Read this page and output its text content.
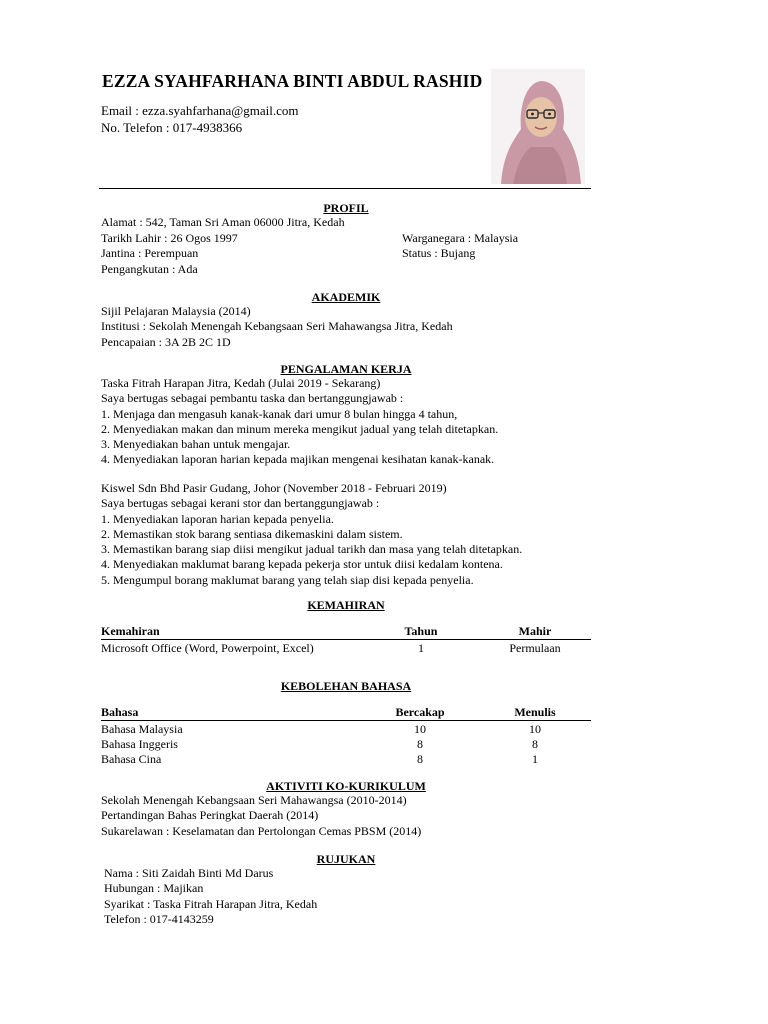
EZZA SYAHFARHANA BINTI ABDUL RASHID
Email : ezza.syahfarhana@gmail.com
No. Telefon : 017-4938366
PROFIL
Alamat : 542, Taman Sri Aman 06000 Jitra, Kedah
Tarikh Lahir : 26 Ogos 1997	Warganegara : Malaysia
Jantina : Perempuan	Status : Bujang
Pengangkutan : Ada
AKADEMIK
Sijil Pelajaran Malaysia (2014)
Institusi : Sekolah Menengah Kebangsaan Seri Mahawangsa Jitra, Kedah
Pencapaian : 3A 2B 2C 1D
PENGALAMAN KERJA
Taska Fitrah Harapan Jitra, Kedah (Julai 2019 - Sekarang)
Saya bertugas sebagai pembantu taska dan bertanggungjawab :
1. Menjaga dan mengasuh kanak-kanak dari umur 8 bulan hingga 4 tahun,
2. Menyediakan makan dan minum mereka mengikut jadual yang telah ditetapkan.
3. Menyediakan bahan untuk mengajar.
4. Menyediakan laporan harian kepada majikan mengenai kesihatan kanak-kanak.
Kiswel Sdn Bhd Pasir Gudang, Johor (November 2018 - Februari 2019)
Saya bertugas sebagai kerani stor dan bertanggungjawab :
1. Menyediakan laporan harian kepada penyelia.
2. Memastikan stok barang sentiasa dikemaskini dalam sistem.
3. Memastikan barang siap diisi mengikut jadual tarikh dan masa yang telah ditetapkan.
4. Menyediakan maklumat barang kepada pekerja stor untuk diisi kedalam kontena.
5. Mengumpul borang maklumat barang yang telah siap disi kepada penyelia.
KEMAHIRAN
Kemahiran	Tahun	Mahir
Microsoft Office (Word, Powerpoint, Excel)	1	Permulaan
KEBOLEHAN BAHASA
Bahasa	Bercakap	Menulis
Bahasa Malaysia	10	10
Bahasa Inggeris	8	8
Bahasa Cina	8	1
AKTIVITI KO-KURIKULUM
Sekolah Menengah Kebangsaan Seri Mahawangsa (2010-2014)
Pertandingan Bahas Peringkat Daerah (2014)
Sukarelawan : Keselamatan dan Pertolongan Cemas PBSM (2014)
RUJUKAN
Nama : Siti Zaidah Binti Md Darus
Hubungan : Majikan
Syarikat : Taska Fitrah Harapan Jitra, Kedah
Telefon : 017-4143259
